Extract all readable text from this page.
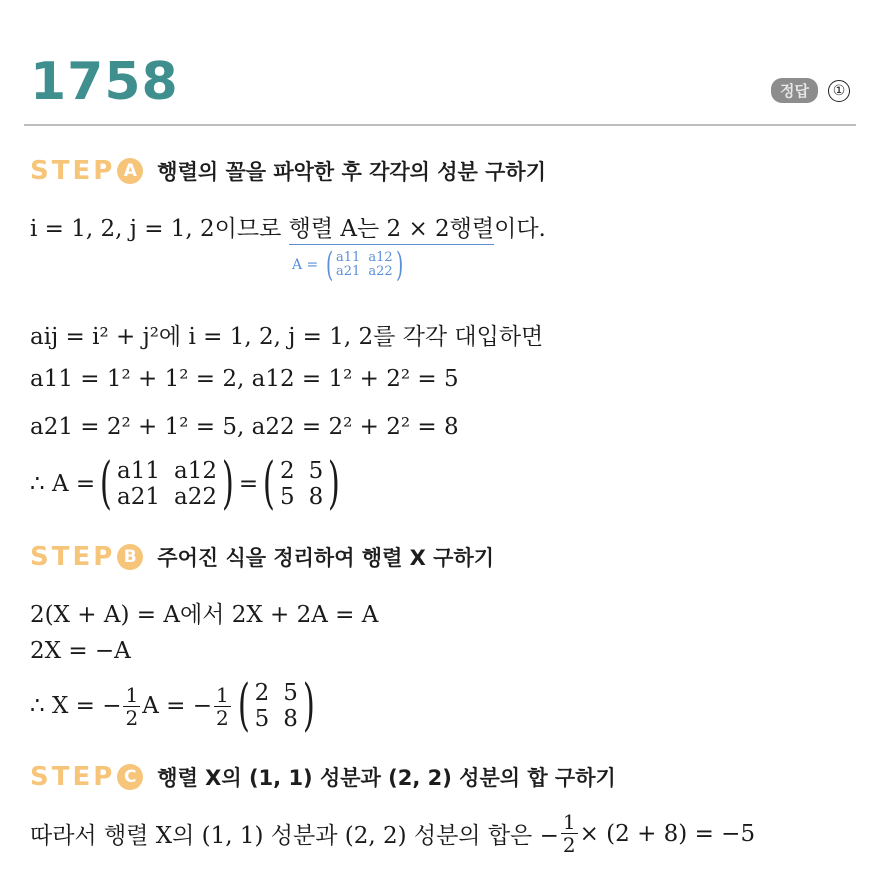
1758	정답	①
STEP A 행렬의 꼴을 파악한 후 각각의 성분 구하기
i = 1, 2, j = 1, 2이므로 행렬 A는 2 × 2행렬이다.
A = ( a11 a12
a21 a22 )
aij = i² + j²에 i = 1, 2, j = 1, 2를 각각 대입하면
a11 = 1² + 1² = 2, a12 = 1² + 2² = 5
a21 = 2² + 1² = 5, a22 = 2² + 2² = 8
∴ A = ( a11 a12
a21 a22 ) = ( 2 5
5 8 )
STEP B 주어진 식을 정리하여 행렬 X 구하기
2(X + A) = A에서 2X + 2A = A
2X = −A
∴ X = − $\frac{1}{2}$ A = − $\frac{1}{2}$ ( 2 5
5 8 )
STEP C 행렬 X의 (1, 1) 성분과 (2, 2) 성분의 합 구하기
따라서 행렬 X의 (1, 1) 성분과 (2, 2) 성분의 합은 − $\frac{1}{2} \times (2 + 8) = -5$
